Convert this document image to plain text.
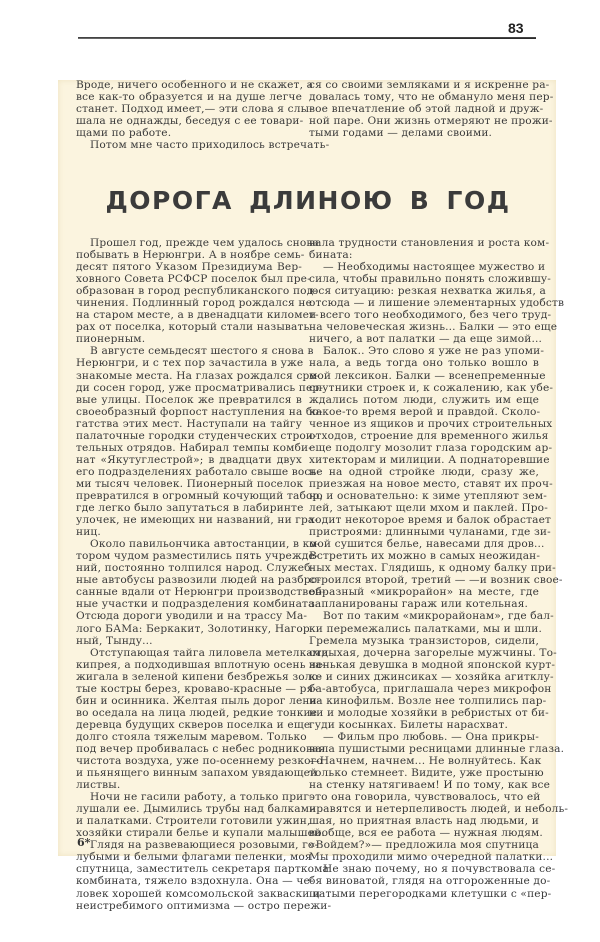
83

Вроде, ничего особенного и не скажет, а
все как-то образуется и на душе легче
станет. Подход имеет,— эти слова я слы-
шала не однажды, беседуя с ее товари-
щами по работе.

Потом мне часто приходилось встречать-

ся со своими земляками и я искренне ра-
довалась тому, что не обмануло меня пер-
вое впечатление об этой ладной и друж-
ной паре. Они жизнь отмеряют не прожи-
тыми годами — делами своими.

ДОРОГА ДЛИНОЮ В ГОД

Прошел год, прежде чем удалось снова
побывать в Нерюнгри. А в ноябре семь-
десят пятого Указом Президиума Вер-
ховного Совета РСФСР поселок был пре-
образован в город республиканского под-
чинения. Подлинный город рождался не
на старом месте, а в двенадцати километ-
рах от поселка, который стали называть
пионерным.

В августе семьдесят шестого я снова в
Нерюнгри, и с тех пор зачастила в уже
знакомые места. На глазах рождался сре-
ди сосен город, уже просматривались пер-
вые улицы. Поселок же превратился в
своеобразный форпост наступления на бо-
гатства этих мест. Наступали на тайгу
палаточные городки студенческих строи-
тельных отрядов. Набирал темпы комби-
нат «Якутуглестрой»; в двадцати двух
его подразделениях работало свыше вось-
ми тысяч человек. Пионерный поселок
превратился в огромный кочующий табор,
где легко было запутаться в лабиринте
улочек, не имеющих ни названий, ни гра-
ниц.

Около павильончика автостанции, в ко-
тором чудом разместились пять учрежде-
ний, постоянно толпился народ. Служеб-
ные автобусы развозили людей на разбро-
санные вдали от Нерюнгри производствен-
ные участки и подразделения комбината.
Отсюда дороги уводили и на трассу Ма-
лого БАМа: Беркакит, Золотинку, Нагор-
ный, Тынду...

Отступающая тайга лиловела метелками
кипрея, а подходившая вплотную осень за-
жигала в зеленой кипени безбрежья золо-
тые костры берез, кроваво-красные — ря-
бин и осинника. Желтая пыль дорог лени-
во оседала на лица людей, редкие тонкие
деревца будущих скверов поселка и еще
долго стояла тяжелым маревом. Только
под вечер пробивалась с небес родниковая
чистота воздуха, уже по-осеннему резкого
и пьянящего винным запахом увядающей
листвы.

Ночи не гасили работу, а только приг-
лушали ее. Дымились трубы над балками
и палатками. Строители готовили ужин,
хозяйки стирали белье и купали малышей.

Глядя на развевающиеся розовыми, го-
лубыми и белыми флагами пеленки, моя
спутница, заместитель секретаря парткома
комбината, тяжело вздохнула. Она — че-
ловек хорошей комсомольской закваски и
неистребимого оптимизма — остро пережи-

вала трудности становления и роста ком-
бината:

— Необходимы настоящее мужество и
сила, чтобы правильно понять сложившу-
юся ситуацию: резкая нехватка жилья, а
отсюда — и лишение элементарных удобств
и всего того необходимого, без чего труд-
на человеческая жизнь... Балки — это еще
ничего, а вот палатки — да еще зимой...

Балок.. Это слово я уже не раз упоми-
нала, а ведь тогда оно только вошло в
мой лексикон. Балки — всенепременные
спутники строек и, к сожалению, как убе-
ждались потом люди, служить им еще
какое-то время верой и правдой. Сколо-
ченное из ящиков и прочих строительных
отходов, строение для временного жилья
еще подолгу мозолит глаза городским ар-
хитекторам и милиции. А поднаторевшие
не на одной стройке люди, сразу же,
приезжая на новое место, ставят их проч-
но и основательно: к зиме утепляют зем-
лей, затыкают щели мхом и паклей. Про-
ходит некоторое время и балок обрастает
пристроями: длинными чуланами, где зи-
мой сушится белье, навесами для дров...
Встретить их можно в самых неожидан-
ных местах. Глядишь, к одному балку при-
строился второй, третий — —и возник свое-
образный «микрорайон» на месте, где
запланированы гараж или котельная.

Вот по таким «микрорайонам», где бал-
ки перемежались палатками, мы и шли.
Гремела музыка транзисторов, сидели,
отдыхая, дочерна загорелые мужчины. То-
ненькая девушка в модной японской курт-
ке и синих джинсиках — хозяйка агитклу-
ба-автобуса, приглашала через микрофон
на кинофильм. Возле нее толпились пар-
ни и молодые хозяйки в ребристых от би-
гуди косынках. Билеты нарасхват.

— Фильм про любовь. — Она прикры-
вала пушистыми ресницами длинные глаза.
—Начнем, начнем... Не волнуйтесь. Как
только стемнеет. Видите, уже простыню
на стенку натягиваем! И по тому, как все
это она говорила, чувствовалось, что ей
нравятся и нетерпеливость людей, и неболь-
шая, но приятная власть над людьми, и
вообще, вся ее работа — нужная людям.
«Войдем?»— предложила моя спутница
Мы проходили мимо очередной палатки...

Не знаю почему, но я почувствовала се-
бя виноватой, глядя на отгороженные до-
щатыми перегородками клетушки с «пер-

6*
